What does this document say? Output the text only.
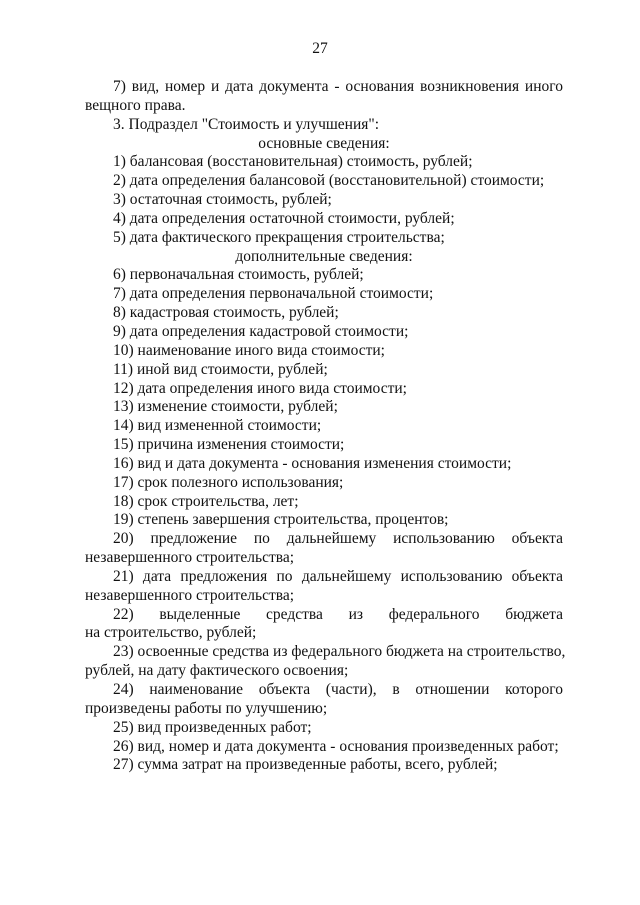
27
7) вид, номер и дата документа - основания возникновения иного
вещного права.
3. Подраздел "Стоимость и улучшения":
основные сведения:
1) балансовая (восстановительная) стоимость, рублей;
2) дата определения балансовой (восстановительной) стоимости;
3) остаточная стоимость, рублей;
4) дата определения остаточной стоимости, рублей;
5) дата фактического прекращения строительства;
дополнительные сведения:
6) первоначальная стоимость, рублей;
7) дата определения первоначальной стоимости;
8) кадастровая стоимость, рублей;
9) дата определения кадастровой стоимости;
10) наименование иного вида стоимости;
11) иной вид стоимости, рублей;
12) дата определения иного вида стоимости;
13) изменение стоимости, рублей;
14) вид измененной стоимости;
15) причина изменения стоимости;
16) вид и дата документа - основания изменения стоимости;
17) срок полезного использования;
18) срок строительства, лет;
19) степень завершения строительства, процентов;
20) предложение по дальнейшему использованию объекта
незавершенного строительства;
21) дата предложения по дальнейшему использованию объекта
незавершенного строительства;
22) выделенные средства из федерального бюджета
на строительство, рублей;
23) освоенные средства из федерального бюджета на строительство,
рублей, на дату фактического освоения;
24) наименование объекта (части), в отношении которого
произведены работы по улучшению;
25) вид произведенных работ;
26) вид, номер и дата документа - основания произведенных работ;
27) сумма затрат на произведенные работы, всего, рублей;
